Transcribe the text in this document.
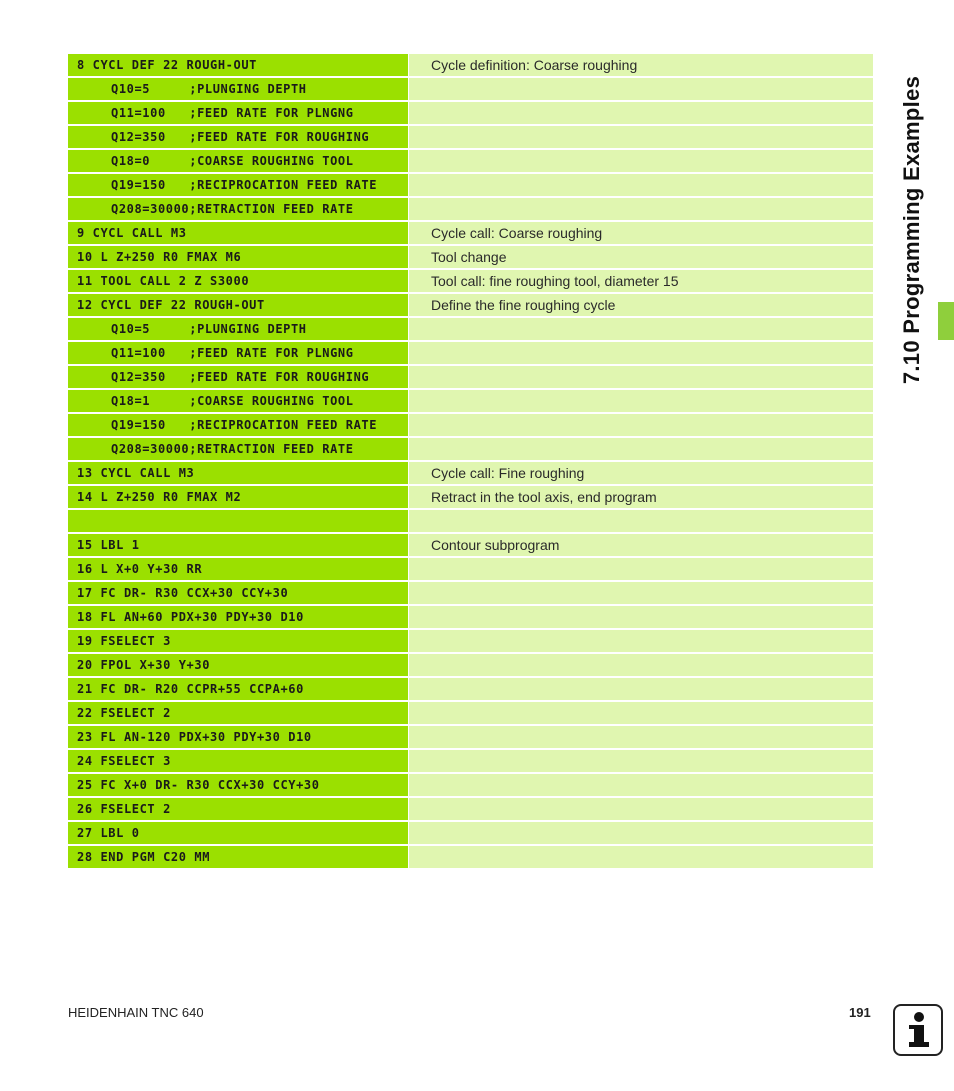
8 CYCL DEF 22 ROUGH-OUT	Cycle definition: Coarse roughing
Q10=5     ;PLUNGING DEPTH
Q11=100   ;FEED RATE FOR PLNGNG
Q12=350   ;FEED RATE FOR ROUGHING
Q18=0     ;COARSE ROUGHING TOOL
Q19=150   ;RECIPROCATION FEED RATE
Q208=30000;RETRACTION FEED RATE
9 CYCL CALL M3	Cycle call: Coarse roughing
10 L Z+250 R0 FMAX M6	Tool change
11 TOOL CALL 2 Z S3000	Tool call: fine roughing tool, diameter 15
12 CYCL DEF 22 ROUGH-OUT	Define the fine roughing cycle
Q10=5     ;PLUNGING DEPTH
Q11=100   ;FEED RATE FOR PLNGNG
Q12=350   ;FEED RATE FOR ROUGHING
Q18=1     ;COARSE ROUGHING TOOL
Q19=150   ;RECIPROCATION FEED RATE
Q208=30000;RETRACTION FEED RATE
13 CYCL CALL M3	Cycle call: Fine roughing
14 L Z+250 R0 FMAX M2	Retract in the tool axis, end program
15 LBL 1	Contour subprogram
16 L X+0 Y+30 RR
17 FC DR- R30 CCX+30 CCY+30
18 FL AN+60 PDX+30 PDY+30 D10
19 FSELECT 3
20 FPOL X+30 Y+30
21 FC DR- R20 CCPR+55 CCPA+60
22 FSELECT 2
23 FL AN-120 PDX+30 PDY+30 D10
24 FSELECT 3
25 FC X+0 DR- R30 CCX+30 CCY+30
26 FSELECT 2
27 LBL 0
28 END PGM C20 MM
7.10 Programming Examples
HEIDENHAIN TNC 640	191
